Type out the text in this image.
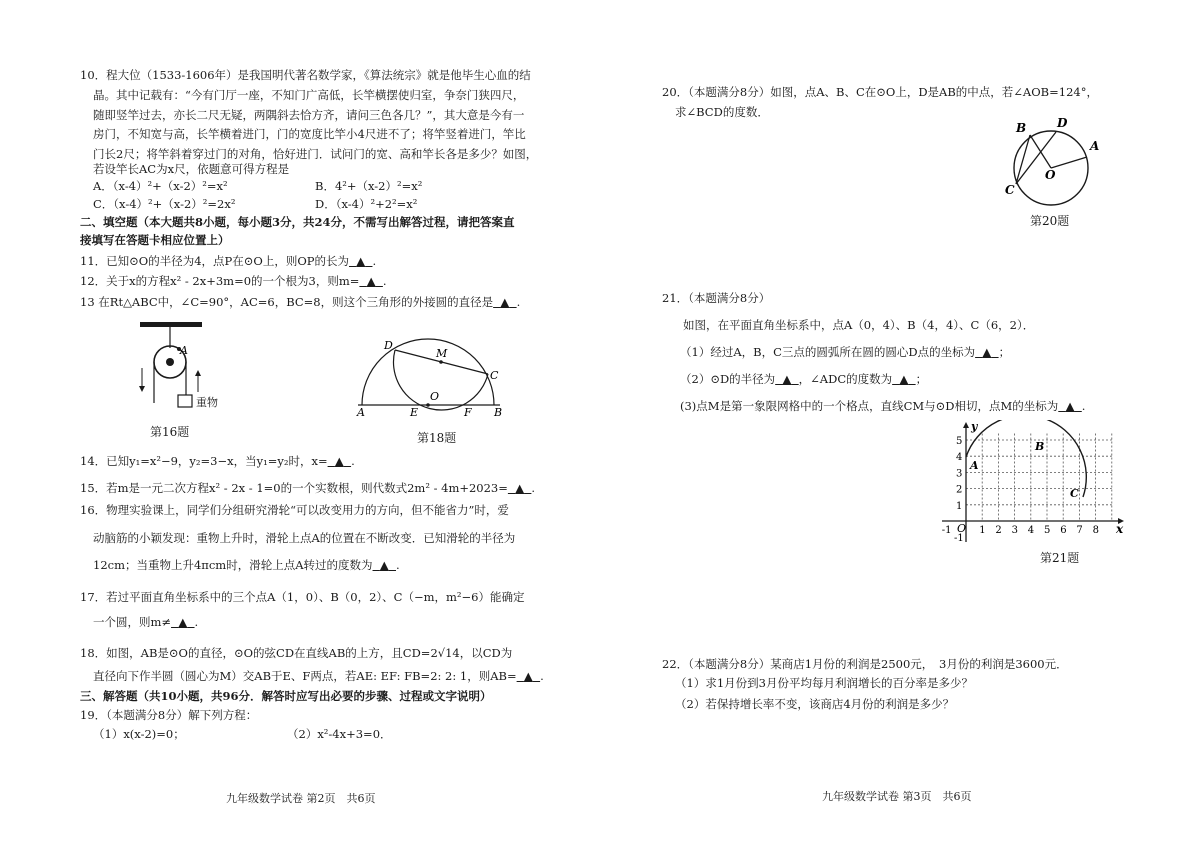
10．程大位（1533-1606年）是我国明代著名数学家，《算法统宗》就是他毕生心血的结
晶。其中记载有：“今有门厅一座，不知门广高低，长竿横摆使归室，争奈门狭四尺，
随即竖竿过去，亦长二尺无疑，两隅斜去恰方齐，请问三色各几？”，其大意是今有一
房门，不知宽与高，长竿横着进门，门的宽度比竿小4尺进不了；将竿竖着进门，竿比
门长2尺；将竿斜着穿过门的对角，恰好进门．试问门的宽、高和竿长各是多少？如图，
若设竿长AC为x尺，依题意可得方程是
A．（x-4）²+（x-2）²=x²	B．4²+（x-2）²=x²
C．（x-4）²+（x-2）²=2x²	D．（x-4）²+2²=x²
二、填空题（本大题共8小题，每小题3分，共24分，不需写出解答过程，请把答案直
接填写在答题卡相应位置上）
11．已知⊙O的半径为4，点P在⊙O上，则OP的长为 ▲ .
12．关于x的方程x² - 2x+3m=0的一个根为3，则m= ▲ .
13 在Rt△ABC中，∠C=90°，AC=6，BC=8，则这个三角形的外接圆的直径是 ▲ .
A
重物
第16题
D
M
C
A	E
O
F B
第18题
14．已知y₁=x²−9，y₂=3−x，当y₁=y₂时，x= ▲ .
15．若m是一元二次方程x² - 2x - 1=0的一个实数根，则代数式2m² - 4m+2023= ▲ .
16．物理实验课上，同学们分组研究滑轮“可以改变用力的方向，但不能省力”时，爱
动脑筋的小颖发现：重物上升时，滑轮上点A的位置在不断改变．已知滑轮的半径为
12cm；当重物上升4πcm时，滑轮上点A转过的度数为 ▲ .
17．若过平面直角坐标系中的三个点A（1，0）、B（0，2）、C（−m，m²−6）能确定
一个圆，则m≠ ▲ .
18．如图，AB是⊙O的直径，⊙O的弦CD在直线AB的上方，且CD=2√14，以CD为
直径向下作半圆（圆心为M）交AB于E、F两点，若AE: EF: FB=2: 2: 1，则AB= ▲ .
三、解答题（共10小题，共96分．解答时应写出必要的步骤、过程或文字说明）
19．（本题满分8分）解下列方程：
（1）x(x-2)=0；	（2）x²-4x+3=0．
九年级数学试卷 第2页　共6页
20．（本题满分8分）如图，点A、B、C在⊙O上，D是AB的中点，若∠AOB=124°，
求∠BCD的度数．
B	D
A
O
C
第20题
21．（本题满分8分）
如图，在平面直角坐标系中，点A（0，4）、B（4，4）、C（6，2）．
（1）经过A，B，C三点的圆弧所在圆的圆心D点的坐标为 ▲ ；
（2）⊙D的半径为 ▲ ，∠ADC的度数为 ▲ ；
(3)点M是第一象限网格中的一个格点，直线CM与⊙D相切，点M的坐标为 ▲ .
-1	1 2 3 4 5 6 7 8
5
4
3
2
1
-1
y
x
O
A
B
C
第21题
22．（本题满分8分）某商店1月份的利润是2500元，　3月份的利润是3600元．
（1）求1月份到3月份平均每月利润增长的百分率是多少？
（2）若保持增长率不变，该商店4月份的利润是多少？
九年级数学试卷 第3页　共6页
